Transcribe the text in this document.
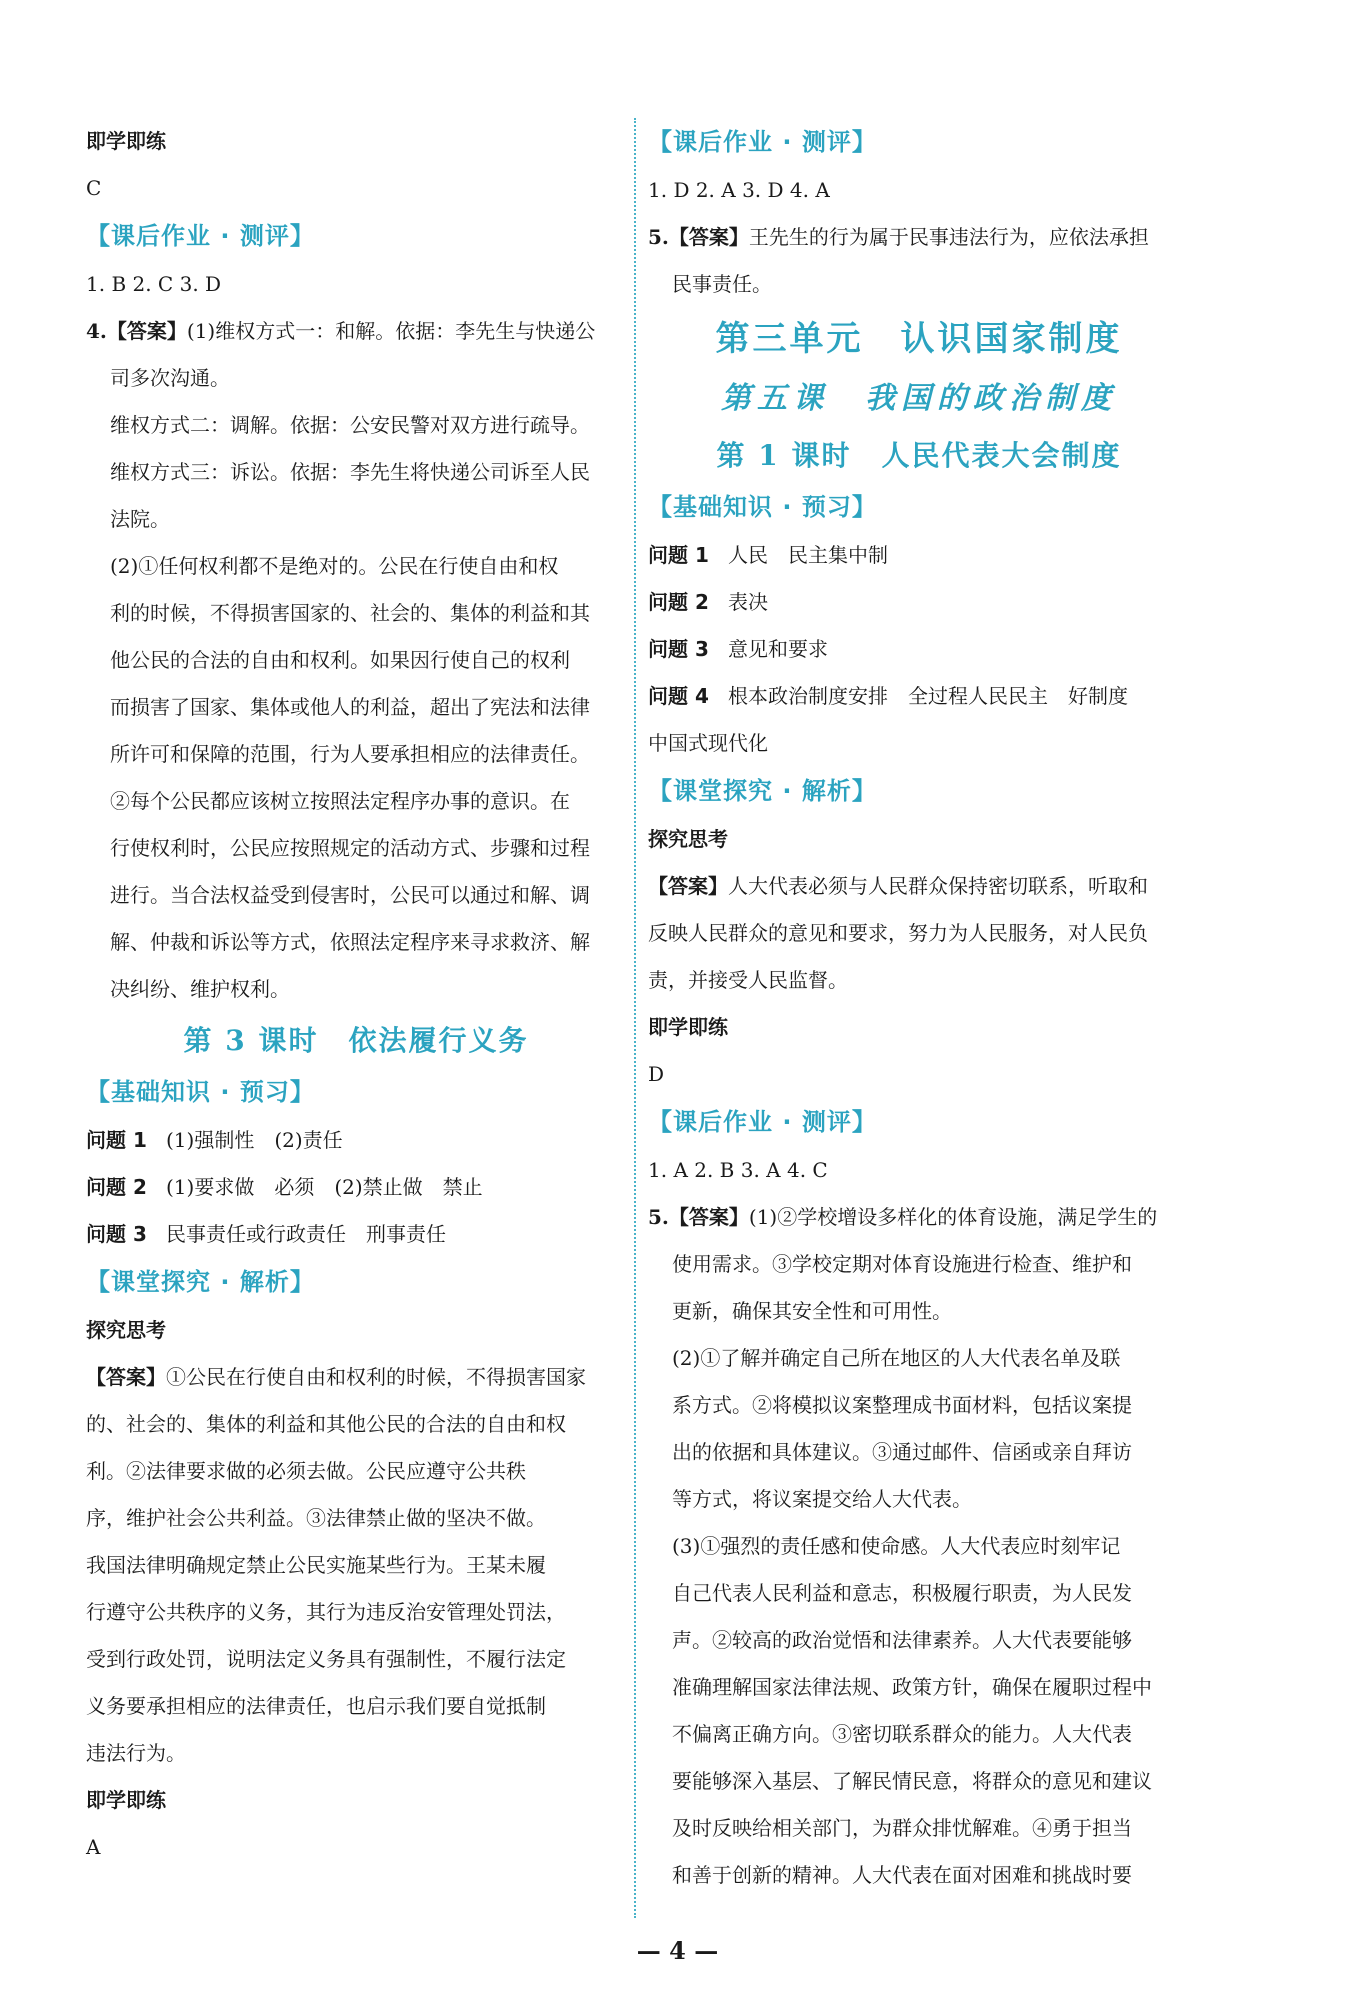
即学即练
C
【课后作业 · 测评】
1. B 2. C 3. D
4.【答案】(1)维权方式一：和解。依据：李先生与快递公
司多次沟通。
维权方式二：调解。依据：公安民警对双方进行疏导。
维权方式三：诉讼。依据：李先生将快递公司诉至人民
法院。
(2)①任何权利都不是绝对的。公民在行使自由和权
利的时候，不得损害国家的、社会的、集体的利益和其
他公民的合法的自由和权利。如果因行使自己的权利
而损害了国家、集体或他人的利益，超出了宪法和法律
所许可和保障的范围，行为人要承担相应的法律责任。
②每个公民都应该树立按照法定程序办事的意识。在
行使权利时，公民应按照规定的活动方式、步骤和过程
进行。当合法权益受到侵害时，公民可以通过和解、调
解、仲裁和诉讼等方式，依照法定程序来寻求救济、解
决纠纷、维护权利。
第 3 课时　依法履行义务
【基础知识 · 预习】
问题 1 (1)强制性　(2)责任
问题 2 (1)要求做　必须　(2)禁止做　禁止
问题 3 民事责任或行政责任　刑事责任
【课堂探究 · 解析】
探究思考
【答案】①公民在行使自由和权利的时候，不得损害国家
的、社会的、集体的利益和其他公民的合法的自由和权
利。②法律要求做的必须去做。公民应遵守公共秩
序，维护社会公共利益。③法律禁止做的坚决不做。
我国法律明确规定禁止公民实施某些行为。王某未履
行遵守公共秩序的义务，其行为违反治安管理处罚法，
受到行政处罚，说明法定义务具有强制性，不履行法定
义务要承担相应的法律责任，也启示我们要自觉抵制
违法行为。
即学即练
A
【课后作业 · 测评】
1. D 2. A 3. D 4. A
5.【答案】王先生的行为属于民事违法行为，应依法承担
民事责任。
第三单元　认识国家制度
第五课　我国的政治制度
第 1 课时　人民代表大会制度
【基础知识 · 预习】
问题 1 人民　民主集中制
问题 2 表决
问题 3 意见和要求
问题 4 根本政治制度安排　全过程人民民主　好制度
中国式现代化
【课堂探究 · 解析】
探究思考
【答案】人大代表必须与人民群众保持密切联系，听取和
反映人民群众的意见和要求，努力为人民服务，对人民负
责，并接受人民监督。
即学即练
D
【课后作业 · 测评】
1. A 2. B 3. A 4. C
5.【答案】(1)②学校增设多样化的体育设施，满足学生的
使用需求。③学校定期对体育设施进行检查、维护和
更新，确保其安全性和可用性。
(2)①了解并确定自己所在地区的人大代表名单及联
系方式。②将模拟议案整理成书面材料，包括议案提
出的依据和具体建议。③通过邮件、信函或亲自拜访
等方式，将议案提交给人大代表。
(3)①强烈的责任感和使命感。人大代表应时刻牢记
自己代表人民利益和意志，积极履行职责，为人民发
声。②较高的政治觉悟和法律素养。人大代表要能够
准确理解国家法律法规、政策方针，确保在履职过程中
不偏离正确方向。③密切联系群众的能力。人大代表
要能够深入基层、了解民情民意，将群众的意见和建议
及时反映给相关部门，为群众排忧解难。④勇于担当
和善于创新的精神。人大代表在面对困难和挑战时要
— 4 —
